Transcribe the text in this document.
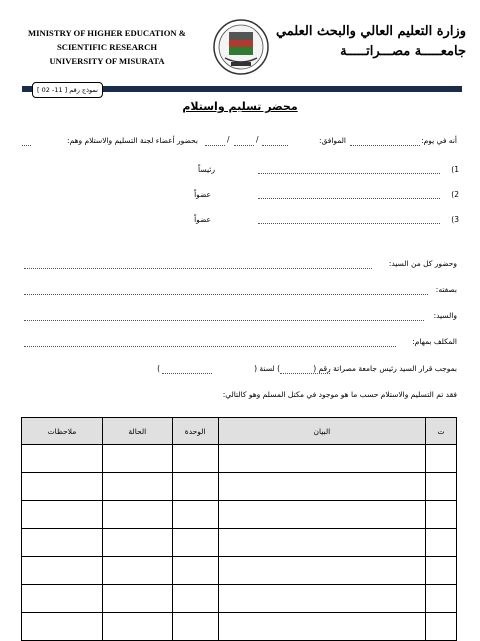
MINISTRY OF HIGHER EDUCATION &
SCIENTIFIC RESEARCH
UNIVERSITY OF MISURATA
وزارة التعليم العالي والبحث العلمي
جامعـــــة مصـــراتـــــة
نموذج رقم [ 11- 02 ]
محضر تسليم واستلام
أنه في يوم:
الموافق:
/
/
بحضور أعضاء لجنة التسليم والاستلام وهم:
1)
رئيساً
2)
عضواً
3)
عضواً
وحضور كل من السيد:
بصفته:
والسيد:
المكلف بمهام:
بموجب قرار السيد رئيس جامعة مصراتة رقم (
) لسنة (
)
فقد تم التسليم والاستلام حسب ما هو موجود في مكتل المسلم وهو كالتالي:
ت	البيان	الوحدة	الحالة	ملاحظات
